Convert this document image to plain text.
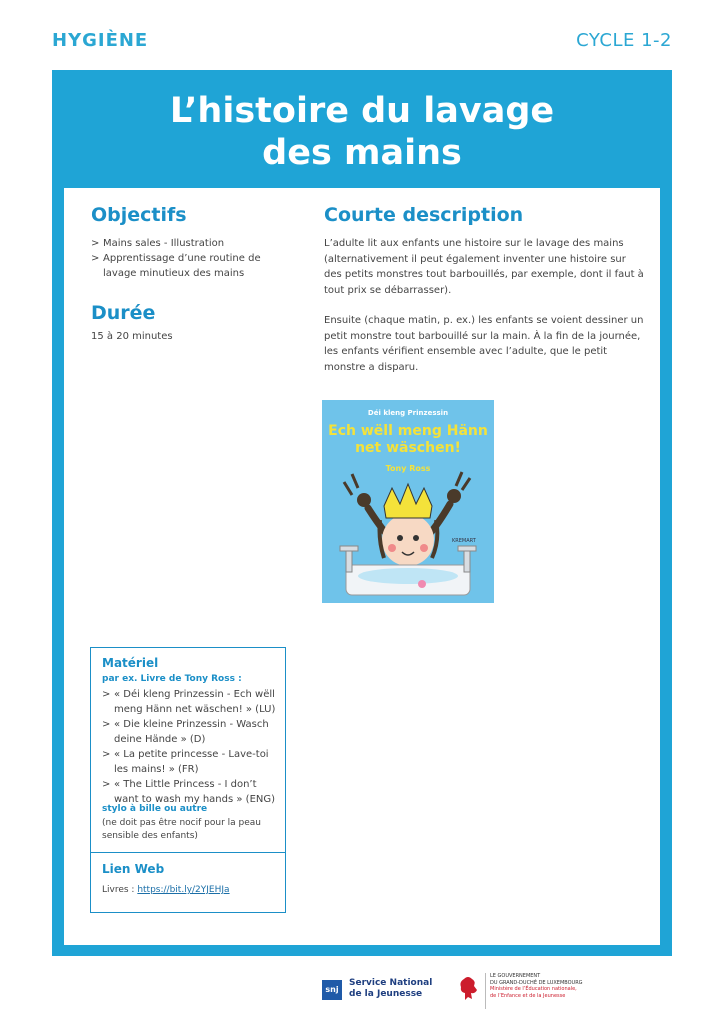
HYGIÈNE	CYCLE 1-2
L’histoire du lavage
des mains
Objectifs
> Mains sales - Illustration
> Apprentissage d’une routine de lavage minutieux des mains
Durée
15 à 20 minutes
Courte description

L’adulte lit aux enfants une histoire sur le lavage des mains (alternativement il peut également inventer une histoire sur des petits monstres tout barbouillés, par exemple, dont il faut à tout prix se débarrasser).

Ensuite (chaque matin, p. ex.) les enfants se voient dessiner un petit monstre tout barbouillé sur la main. À la fin de la journée, les enfants vérifient ensemble avec l’adulte, que le petit monstre a disparu.

Déi kleng Prinzessin
Ech wëll meng Hänn
net wäschen!
Tony Ross
KREMART
Matériel
par ex. Livre de Tony Ross :
> « Déi kleng Prinzessin - Ech wëll meng Hänn net wäschen! » (LU)
> « Die kleine Prinzessin - Wasch deine Hände » (D)
> « La petite princesse - Lave-toi les mains! » (FR)
> « The Little Princess - I don’t want to wash my hands » (ENG)
stylo à bille ou autre
(ne doit pas être nocif pour la peau sensible des enfants)
Lien Web
Livres : https://bit.ly/2YJEHJa
snj
Service National
de la Jeunesse
LE GOUVERNEMENT
DU GRAND-DUCHÉ DE LUXEMBOURG
Ministère de l’Éducation nationale,
de l’Enfance et de la Jeunesse
